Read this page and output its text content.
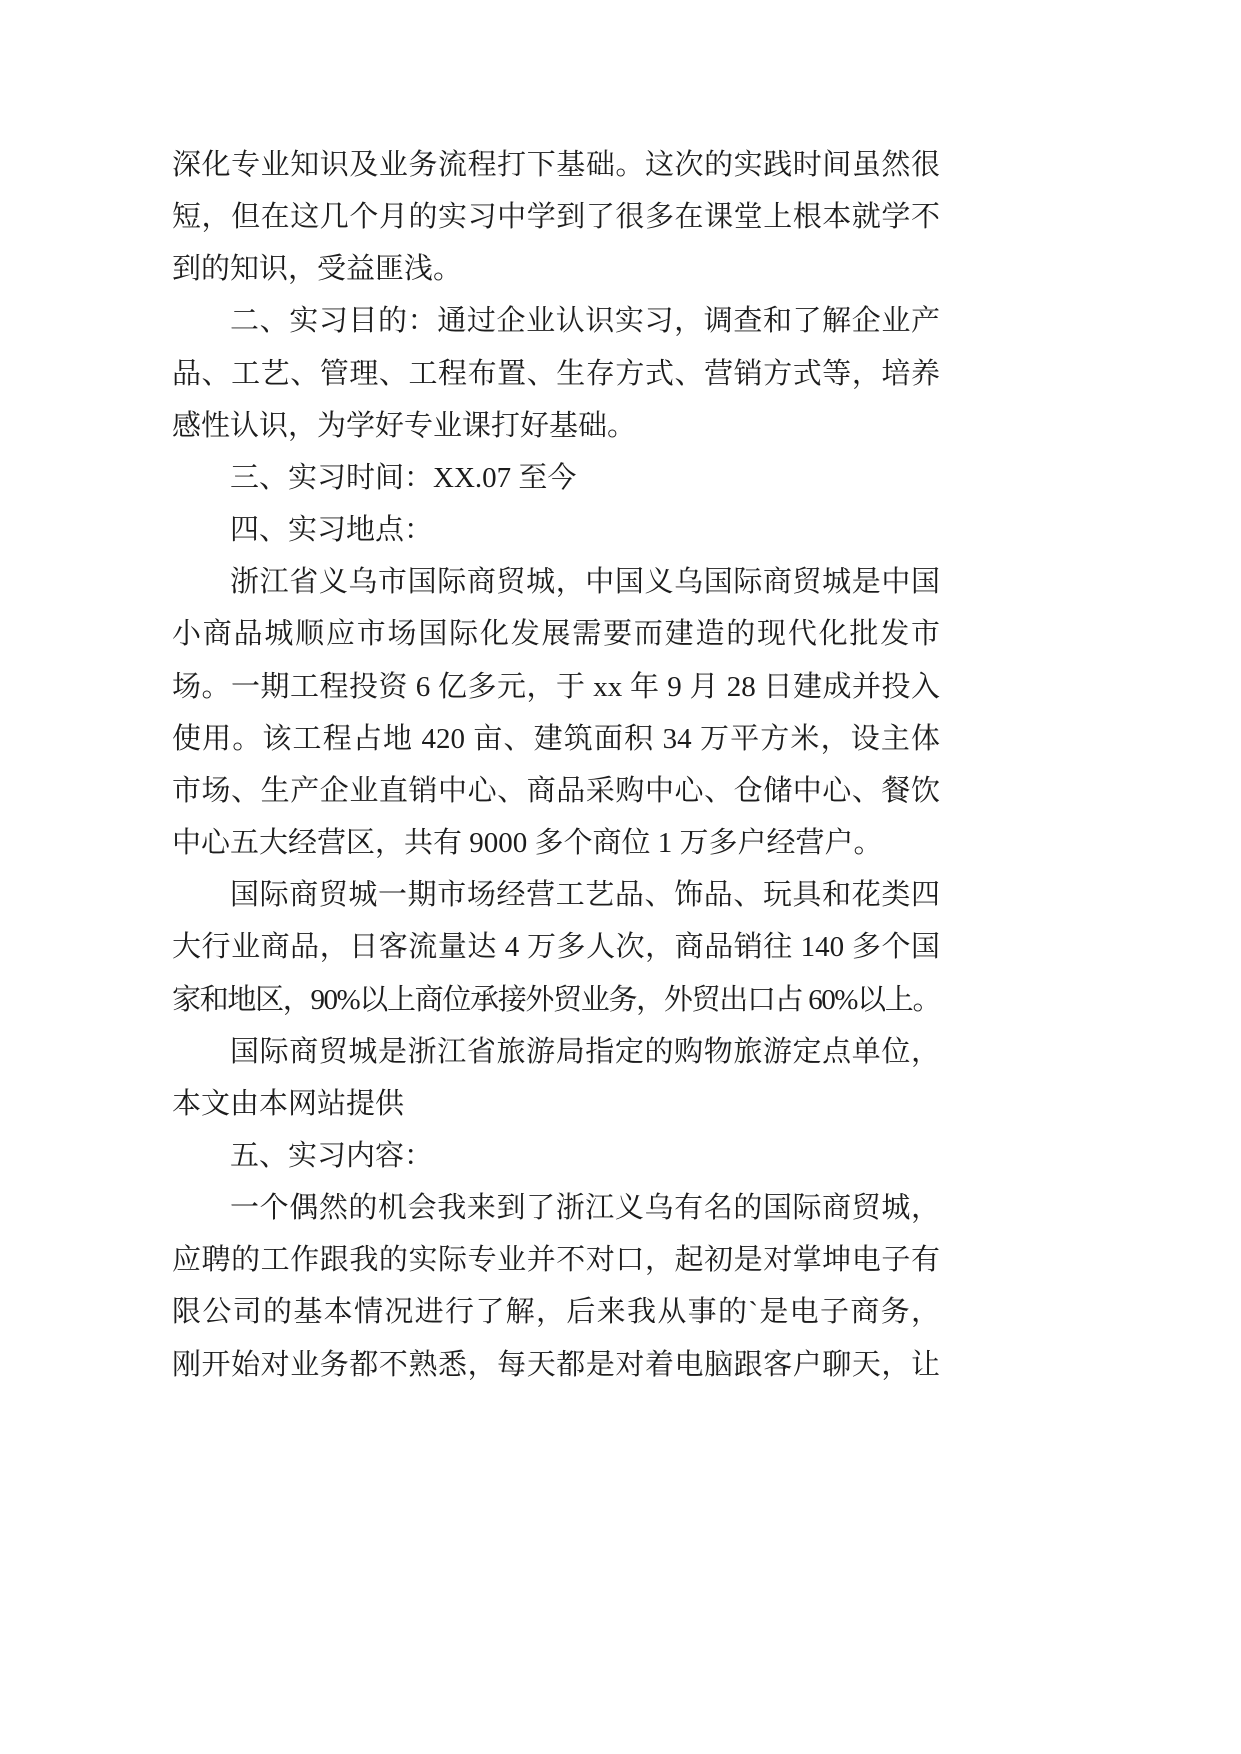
深化专业知识及业务流程打下基础。这次的实践时间虽然很
短，但在这几个月的实习中学到了很多在课堂上根本就学不
到的知识，受益匪浅。
二、实习目的：通过企业认识实习，调查和了解企业产
品、工艺、管理、工程布置、生存方式、营销方式等，培养
感性认识，为学好专业课打好基础。
三、实习时间：XX.07 至今
四、实习地点：
浙江省义乌市国际商贸城，中国义乌国际商贸城是中国
小商品城顺应市场国际化发展需要而建造的现代化批发市
场。一期工程投资 6 亿多元，于 xx 年 9 月 28 日建成并投入
使用。该工程占地 420 亩、建筑面积 34 万平方米，设主体
市场、生产企业直销中心、商品采购中心、仓储中心、餐饮
中心五大经营区，共有 9000 多个商位 1 万多户经营户。
国际商贸城一期市场经营工艺品、饰品、玩具和花类四
大行业商品，日客流量达 4 万多人次，商品销往 140 多个国
家和地区，90%以上商位承接外贸业务，外贸出口占 60%以上。
国际商贸城是浙江省旅游局指定的购物旅游定点单位，
本文由本网站提供
五、实习内容：
一个偶然的机会我来到了浙江义乌有名的国际商贸城，
应聘的工作跟我的实际专业并不对口，起初是对掌坤电子有
限公司的基本情况进行了解，后来我从事的`是电子商务，
刚开始对业务都不熟悉，每天都是对着电脑跟客户聊天，让
